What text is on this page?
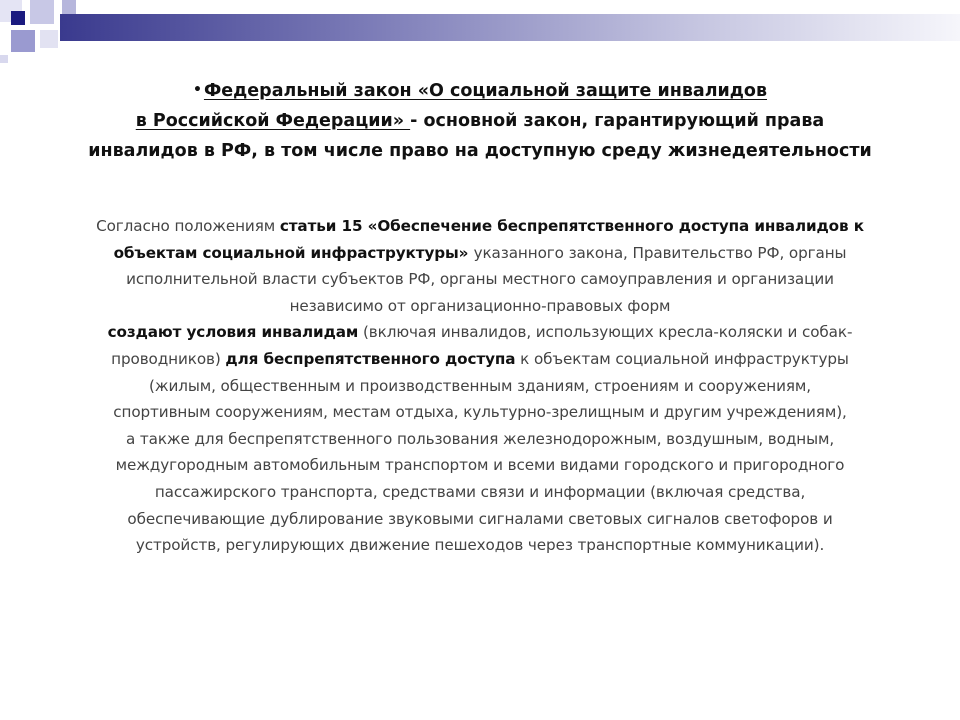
• Федеральный закон «О социальной защите инвалидов
в Российской Федерации» - основной закон, гарантирующий права
инвалидов в РФ, в том числе право на доступную среду жизнедеятельности
Согласно положениям статьи 15 «Обеспечение беспрепятственного доступа инвалидов к
объектам социальной инфраструктуры» указанного закона, Правительство РФ, органы
исполнительной власти субъектов РФ, органы местного самоуправления и организации
независимо от организационно-правовых форм
создают условия инвалидам (включая инвалидов, использующих кресла-коляски и собак-
проводников) для беспрепятственного доступа к объектам социальной инфраструктуры
(жилым, общественным и производственным зданиям, строениям и сооружениям,
спортивным сооружениям, местам отдыха, культурно-зрелищным и другим учреждениям),
а также для беспрепятственного пользования железнодорожным, воздушным, водным,
междугородным автомобильным транспортом и всеми видами городского и пригородного
пассажирского транспорта, средствами связи и информации (включая средства,
обеспечивающие дублирование звуковыми сигналами световых сигналов светофоров и
устройств, регулирующих движение пешеходов через транспортные коммуникации).
